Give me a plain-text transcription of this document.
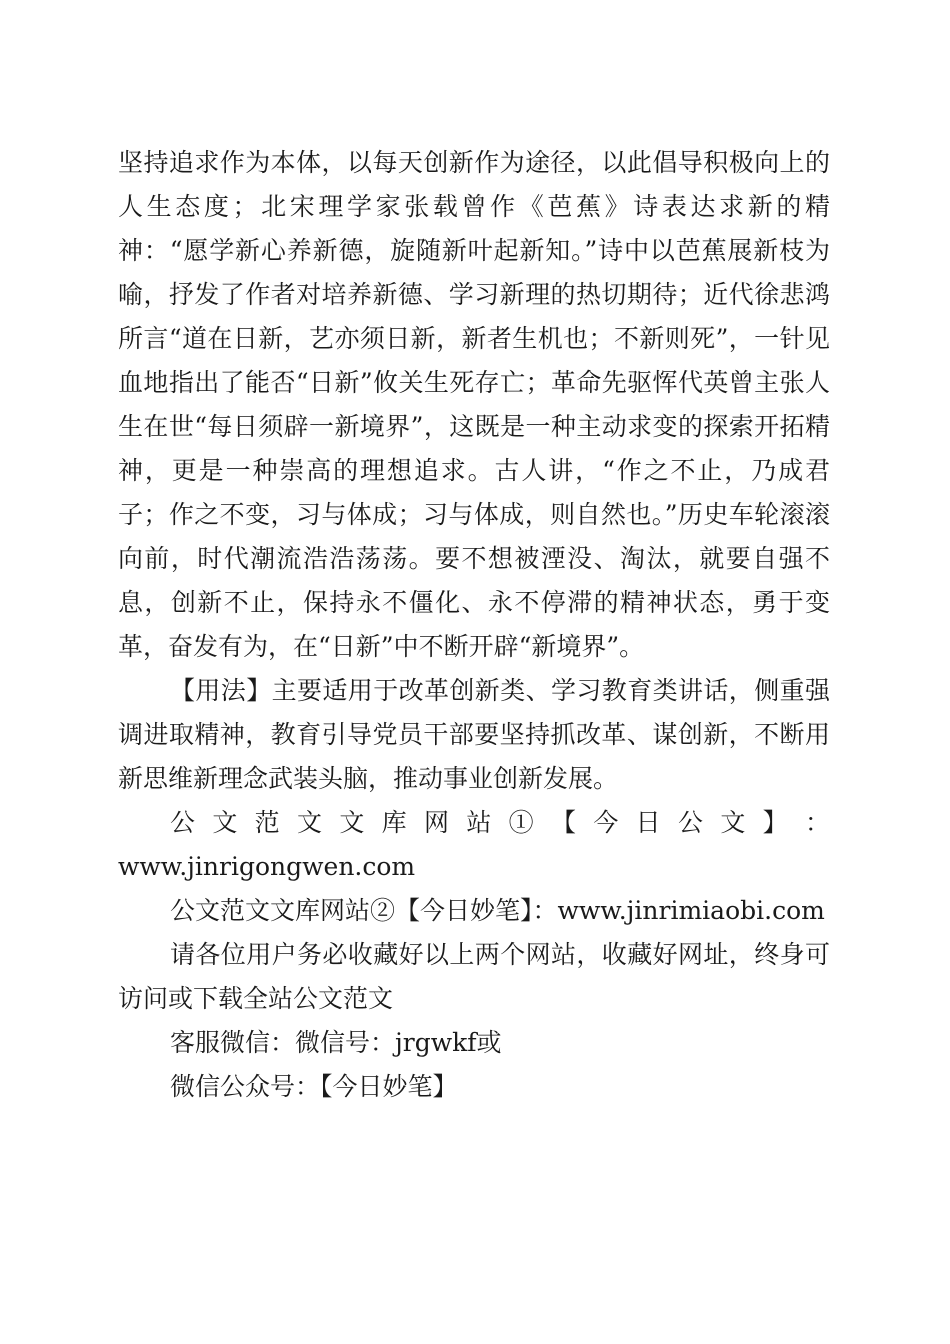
坚持追求作为本体，以每天创新作为途径，以此倡导积极向上的人生态度；北宋理学家张载曾作《芭蕉》诗表达求新的精神：“愿学新心养新德，旋随新叶起新知。”诗中以芭蕉展新枝为喻，抒发了作者对培养新德、学习新理的热切期待；近代徐悲鸿所言“道在日新，艺亦须日新，新者生机也；不新则死”，一针见血地指出了能否“日新”攸关生死存亡；革命先驱恽代英曾主张人生在世“每日须辟一新境界”，这既是一种主动求变的探索开拓精神，更是一种崇高的理想追求。古人讲，“作之不止，乃成君子；作之不变，习与体成；习与体成，则自然也。”历史车轮滚滚向前，时代潮流浩浩荡荡。要不想被湮没、淘汰，就要自强不息，创新不止，保持永不僵化、永不停滞的精神状态，勇于变革，奋发有为，在“日新”中不断开辟“新境界”。

【用法】主要适用于改革创新类、学习教育类讲话，侧重强调进取精神，教育引导党员干部要坚持抓改革、谋创新，不断用新思维新理念武装头脑，推动事业创新发展。

公 文 范 文 文 库 网 站 ① 【 今 日 公 文 】 ：

www.jinrigongwen.com

公文范文文库网站②【今日妙笔】：www.jinrimiaobi.com

请各位用户务必收藏好以上两个网站，收藏好网址，终身可访问或下载全站公文范文

客服微信：微信号：jrgwkf或

微信公众号：【今日妙笔】
